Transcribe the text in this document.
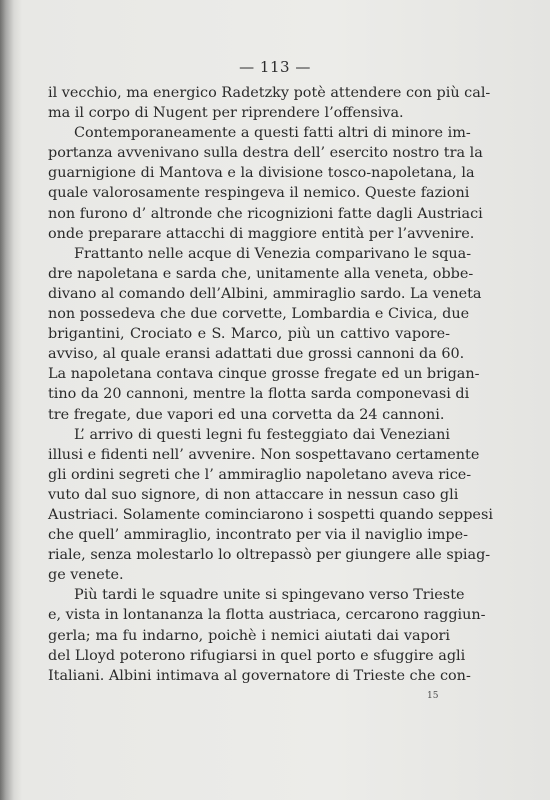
— 113 —
il vecchio, ma energico Radetzky potè attendere con più cal-
ma il corpo di Nugent per riprendere l’offensiva.
Contemporaneamente a questi fatti altri di minore im-
portanza avvenivano sulla destra dell’ esercito nostro tra la
guarnigione di Mantova e la divisione tosco-napoletana, la
quale valorosamente respingeva il nemico. Queste fazioni
non furono d’ altronde che ricognizioni fatte dagli Austriaci
onde preparare attacchi di maggiore entità per l’avvenire.
Frattanto nelle acque di Venezia comparivano le squa-
dre napoletana e sarda che, unitamente alla veneta, obbe-
divano al comando dell’Albini, ammiraglio sardo. La veneta
non possedeva che due corvette, Lombardia e Civica, due
brigantini, Crociato e S. Marco, più un cattivo vapore-
avviso, al quale eransi adattati due grossi cannoni da 60.
La napoletana contava cinque grosse fregate ed un brigan-
tino da 20 cannoni, mentre la flotta sarda componevasi di
tre fregate, due vapori ed una corvetta da 24 cannoni.
L’ arrivo di questi legni fu festeggiato dai Veneziani
illusi e fidenti nell’ avvenire. Non sospettavano certamente
gli ordini segreti che l’ ammiraglio napoletano aveva rice-
vuto dal suo signore, di non attaccare in nessun caso gli
Austriaci. Solamente cominciarono i sospetti quando seppesi
che quell’ ammiraglio, incontrato per via il naviglio impe-
riale, senza molestarlo lo oltrepassò per giungere alle spiag-
ge venete.
Più tardi le squadre unite si spingevano verso Trieste
e, vista in lontananza la flotta austriaca, cercarono raggiun-
gerla; ma fu indarno, poichè i nemici aiutati dai vapori
del Lloyd poterono rifugiarsi in quel porto e sfuggire agli
Italiani. Albini intimava al governatore di Trieste che con-
15
